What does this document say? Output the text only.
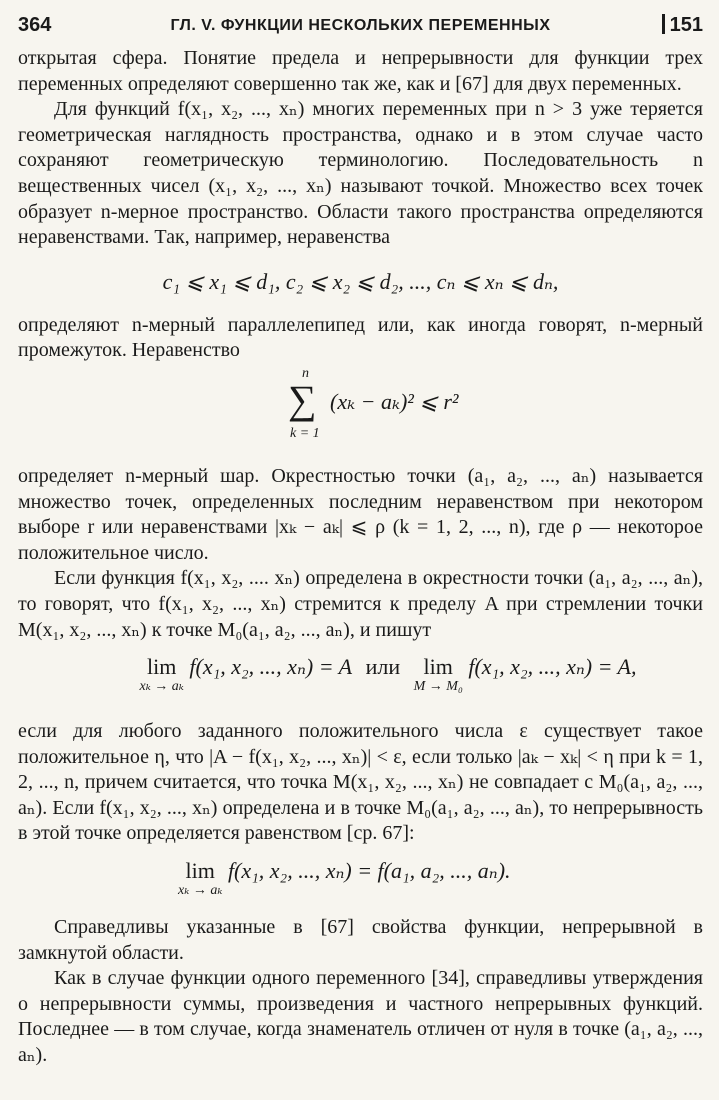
364	ГЛ. V. ФУНКЦИИ НЕСКОЛЬКИХ ПЕРЕМЕННЫХ	151

открытая сфера. Понятие предела и непрерывности для функции трех переменных определяют совершенно так же, как и [67] для двух переменных.

Для функций f(x₁, x₂, ..., xₙ) многих переменных при n > 3 уже теряется геометрическая наглядность пространства, однако и в этом случае часто сохраняют геометрическую терминологию. Последовательность n вещественных чисел (x₁, x₂, ..., xₙ) называют точкой. Множество всех точек образует n-мерное пространство. Области такого пространства определяются неравенствами. Так, например, неравенства

c₁ ⩽ x₁ ⩽ d₁, c₂ ⩽ x₂ ⩽ d₂, ..., cₙ ⩽ xₙ ⩽ dₙ,

определяют n-мерный параллелепипед или, как иногда говорят, n-мерный промежуток. Неравенство

n
∑
k = 1
(xₖ − aₖ)² ⩽ r²

определяет n-мерный шар. Окрестностью точки (a₁, a₂, ..., aₙ) называется множество точек, определенных последним неравенством при некотором выборе r или неравенствами |xₖ − aₖ| ⩽ ρ (k = 1, 2, ..., n), где ρ — некоторое положительное число.

Если функция f(x₁, x₂, .... xₙ) определена в окрестности точки (a₁, a₂, ..., aₙ), то говорят, что f(x₁, x₂, ..., xₙ) стремится к пределу A при стремлении точки M(x₁, x₂, ..., xₙ) к точке M₀(a₁, a₂, ..., aₙ), и пишут

lim
xₖ → aₖ
f(x₁, x₂, ..., xₙ) = A или	lim
M → M₀
f(x₁, x₂, ..., xₙ) = A,

если для любого заданного положительного числа ε существует такое положительное η, что |A − f(x₁, x₂, ..., xₙ)| < ε, если только |aₖ − xₖ| < η при k = 1, 2, ..., n, причем считается, что точка M(x₁, x₂, ..., xₙ) не совпадает с M₀(a₁, a₂, ..., aₙ). Если f(x₁, x₂, ..., xₙ) определена и в точке M₀(a₁, a₂, ..., aₙ), то непрерывность в этой точке определяется равенством [ср. 67]:

lim
xₖ → aₖ
f(x₁, x₂, ..., xₙ) = f(a₁, a₂, ..., aₙ).

Справедливы указанные в [67] свойства функции, непрерывной в замкнутой области.

Как в случае функции одного переменного [34], справедливы утверждения о непрерывности суммы, произведения и частного непрерывных функций. Последнее — в том случае, когда знаменатель отличен от нуля в точке (a₁, a₂, ..., aₙ).
